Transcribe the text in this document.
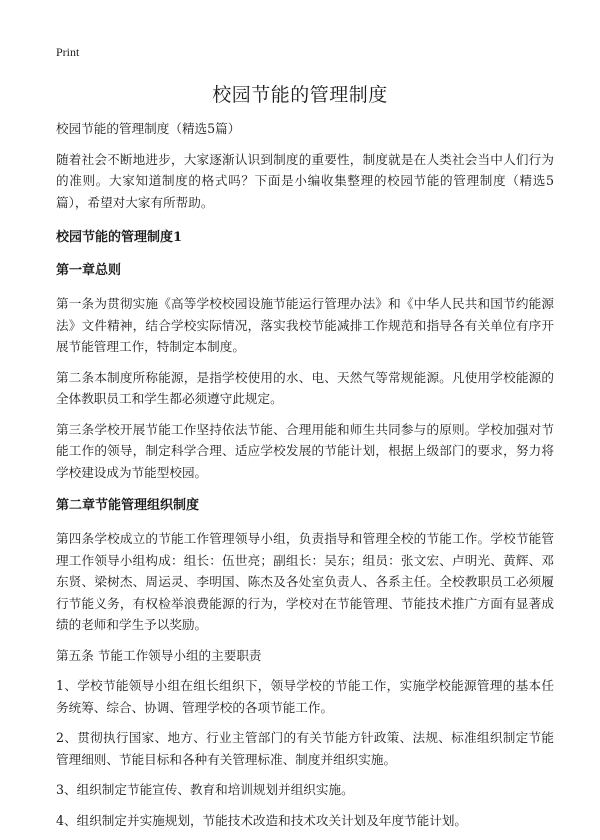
Print
校园节能的管理制度

校园节能的管理制度（精选5篇）

随着社会不断地进步，大家逐渐认识到制度的重要性，制度就是在人类社会当中人们行为的准则。大家知道制度的格式吗？下面是小编收集整理的校园节能的管理制度（精选5篇），希望对大家有所帮助。

校园节能的管理制度1
第一章总则

第一条为贯彻实施《高等学校校园设施节能运行管理办法》和《中华人民共和国节约能源法》文件精神，结合学校实际情况，落实我校节能减排工作规范和指导各有关单位有序开展节能管理工作，特制定本制度。

第二条本制度所称能源，是指学校使用的水、电、天然气等常规能源。凡使用学校能源的全体教职员工和学生都必须遵守此规定。

第三条学校开展节能工作坚持依法节能、合理用能和师生共同参与的原则。学校加强对节能工作的领导，制定科学合理、适应学校发展的节能计划，根据上级部门的要求，努力将学校建设成为节能型校园。

第二章节能管理组织制度

第四条学校成立的节能工作管理领导小组，负责指导和管理全校的节能工作。学校节能管理工作领导小组构成：组长：伍世亮；副组长：吴东；组员：张文宏、卢明光、黄辉、邓东贤、梁树杰、周运灵、李明国、陈杰及各处室负责人、各系主任。全校教职员工必须履行节能义务，有权检举浪费能源的行为，学校对在节能管理、节能技术推广方面有显著成绩的老师和学生予以奖励。

第五条 节能工作领导小组的主要职责

1、学校节能领导小组在组长组织下，领导学校的节能工作，实施学校能源管理的基本任务统筹、综合、协调、管理学校的各项节能工作。

2、贯彻执行国家、地方、行业主管部门的有关节能方针政策、法规、标准组织制定节能管理细则、节能目标和各种有关管理标准、制度并组织实施。

3、组织制定节能宣传、教育和培训规划并组织实施。

4、组织制定并实施规划，节能技术改造和技术攻关计划及年度节能计划。
